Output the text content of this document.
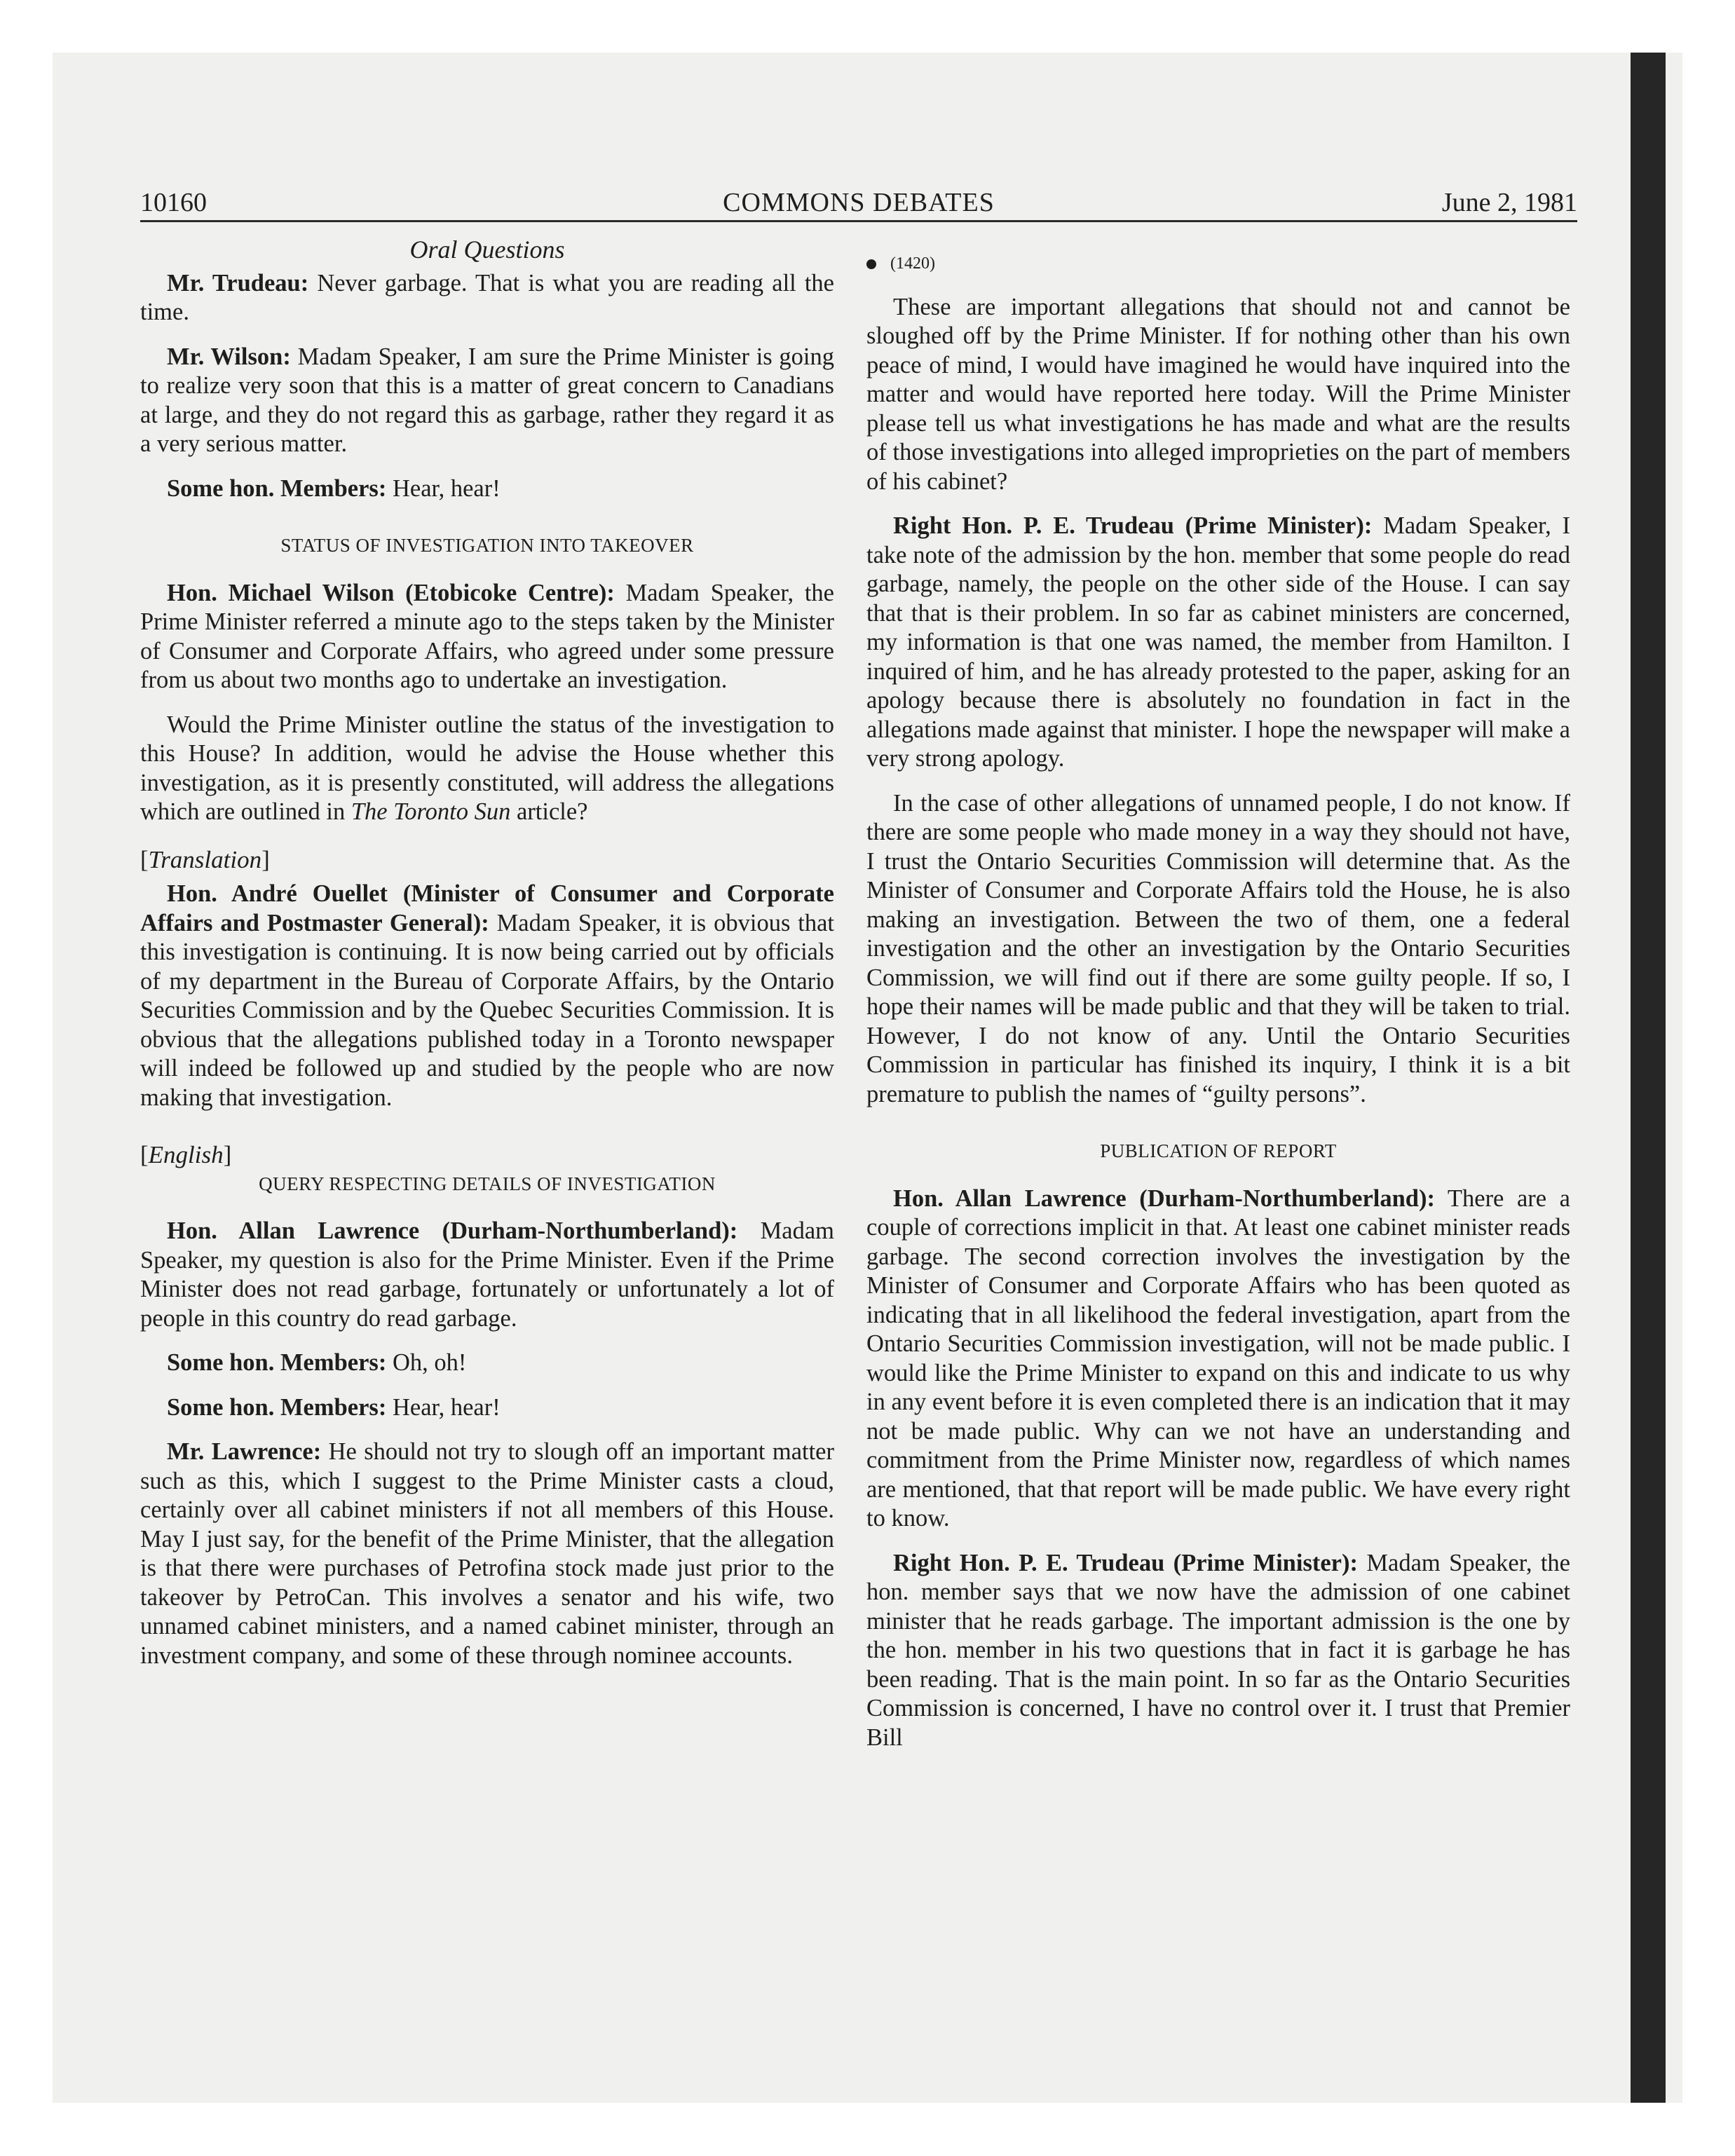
10160	COMMONS DEBATES	June 2, 1981
Oral Questions

Mr. Trudeau: Never garbage. That is what you are reading all the time.

Mr. Wilson: Madam Speaker, I am sure the Prime Minister is going to realize very soon that this is a matter of great concern to Canadians at large, and they do not regard this as garbage, rather they regard it as a very serious matter.

Some hon. Members: Hear, hear!

STATUS OF INVESTIGATION INTO TAKEOVER

Hon. Michael Wilson (Etobicoke Centre): Madam Speaker, the Prime Minister referred a minute ago to the steps taken by the Minister of Consumer and Corporate Affairs, who agreed under some pressure from us about two months ago to undertake an investigation.

Would the Prime Minister outline the status of the investigation to this House? In addition, would he advise the House whether this investigation, as it is presently constituted, will address the allegations which are outlined in The Toronto Sun article?

[Translation]

Hon. André Ouellet (Minister of Consumer and Corporate Affairs and Postmaster General): Madam Speaker, it is obvious that this investigation is continuing. It is now being carried out by officials of my department in the Bureau of Corporate Affairs, by the Ontario Securities Commission and by the Quebec Securities Commission. It is obvious that the allegations published today in a Toronto newspaper will indeed be followed up and studied by the people who are now making that investigation.

[English]
QUERY RESPECTING DETAILS OF INVESTIGATION

Hon. Allan Lawrence (Durham-Northumberland): Madam Speaker, my question is also for the Prime Minister. Even if the Prime Minister does not read garbage, fortunately or unfortunately a lot of people in this country do read garbage.

Some hon. Members: Oh, oh!

Some hon. Members: Hear, hear!

Mr. Lawrence: He should not try to slough off an important matter such as this, which I suggest to the Prime Minister casts a cloud, certainly over all cabinet ministers if not all members of this House. May I just say, for the benefit of the Prime Minister, that the allegation is that there were purchases of Petrofina stock made just prior to the takeover by PetroCan. This involves a senator and his wife, two unnamed cabinet ministers, and a named cabinet minister, through an investment company, and some of these through nominee accounts.

(1420)

These are important allegations that should not and cannot be sloughed off by the Prime Minister. If for nothing other than his own peace of mind, I would have imagined he would have inquired into the matter and would have reported here today. Will the Prime Minister please tell us what investigations he has made and what are the results of those investigations into alleged improprieties on the part of members of his cabinet?

Right Hon. P. E. Trudeau (Prime Minister): Madam Speaker, I take note of the admission by the hon. member that some people do read garbage, namely, the people on the other side of the House. I can say that that is their problem. In so far as cabinet ministers are concerned, my information is that one was named, the member from Hamilton. I inquired of him, and he has already protested to the paper, asking for an apology because there is absolutely no foundation in fact in the allegations made against that minister. I hope the newspaper will make a very strong apology.

In the case of other allegations of unnamed people, I do not know. If there are some people who made money in a way they should not have, I trust the Ontario Securities Commission will determine that. As the Minister of Consumer and Corporate Affairs told the House, he is also making an investigation. Between the two of them, one a federal investigation and the other an investigation by the Ontario Securities Commission, we will find out if there are some guilty people. If so, I hope their names will be made public and that they will be taken to trial. However, I do not know of any. Until the Ontario Securities Commission in particular has finished its inquiry, I think it is a bit premature to publish the names of “guilty persons”.

PUBLICATION OF REPORT

Hon. Allan Lawrence (Durham-Northumberland): There are a couple of corrections implicit in that. At least one cabinet minister reads garbage. The second correction involves the investigation by the Minister of Consumer and Corporate Affairs who has been quoted as indicating that in all likelihood the federal investigation, apart from the Ontario Securities Commission investigation, will not be made public. I would like the Prime Minister to expand on this and indicate to us why in any event before it is even completed there is an indication that it may not be made public. Why can we not have an understanding and commitment from the Prime Minister now, regardless of which names are mentioned, that that report will be made public. We have every right to know.

Right Hon. P. E. Trudeau (Prime Minister): Madam Speaker, the hon. member says that we now have the admission of one cabinet minister that he reads garbage. The important admission is the one by the hon. member in his two questions that in fact it is garbage he has been reading. That is the main point. In so far as the Ontario Securities Commission is concerned, I have no control over it. I trust that Premier Bill
